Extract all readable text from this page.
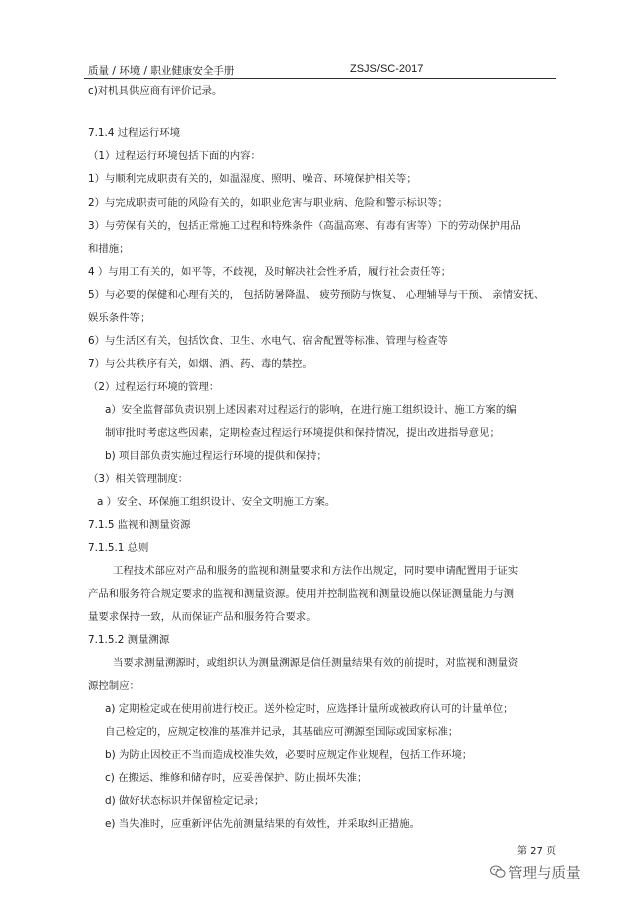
质量 / 环境 / 职业健康安全手册	ZSJS/SC-2017
c)对机具供应商有评价记录。
7.1.4 过程运行环境
（1）过程运行环境包括下面的内容：
1）与顺利完成职责有关的，如温湿度、照明、噪音、环境保护相关等；
2）与完成职责可能的风险有关的，如职业危害与职业病、危险和警示标识等；
3）与劳保有关的，包括正常施工过程和特殊条件（高温高寒、有毒有害等）下的劳动保护用品
和措施；
4 ）与用工有关的，如平等，不歧视，及时解决社会性矛盾，履行社会责任等；
5）与必要的保健和心理有关的， 包括防暑降温、 疲劳预防与恢复、 心理辅导与干预、 亲情安抚、
娱乐条件等；
6）与生活区有关，包括饮食、卫生、水电气、宿舍配置等标准、管理与检查等
7）与公共秩序有关，如烟、酒、药、毒的禁控。
（2）过程运行环境的管理：
a）安全监督部负责识别上述因素对过程运行的影响，在进行施工组织设计、施工方案的编
制审批时考虑这些因素，定期检查过程运行环境提供和保持情况，提出改进指导意见；
b) 项目部负责实施过程运行环境的提供和保持；
（3）相关管理制度：
a ）安全、环保施工组织设计、安全文明施工方案。
7.1.5 监视和测量资源
7.1.5.1 总则
工程技术部应对产品和服务的监视和测量要求和方法作出规定，同时要申请配置用于证实
产品和服务符合规定要求的监视和测量资源。使用并控制监视和测量设施以保证测量能力与测
量要求保持一致，从而保证产品和服务符合要求。
7.1.5.2 测量溯源
当要求测量溯源时，或组织认为测量溯源是信任测量结果有效的前提时，对监视和测量资
源控制应：
a) 定期检定或在使用前进行校正。送外检定时，应选择计量所或被政府认可的计量单位；
自己检定的，应规定校准的基准并记录，其基础应可溯源至国际或国家标准；
b) 为防止因校正不当而造成校准失效，必要时应规定作业规程，包括工作环境；
c) 在搬运、维修和储存时，应妥善保护、防止损坏失准；
d) 做好状态标识并保留检定记录；
e) 当失准时，应重新评估先前测量结果的有效性，并采取纠正措施。
第 27 页
管理与质量
